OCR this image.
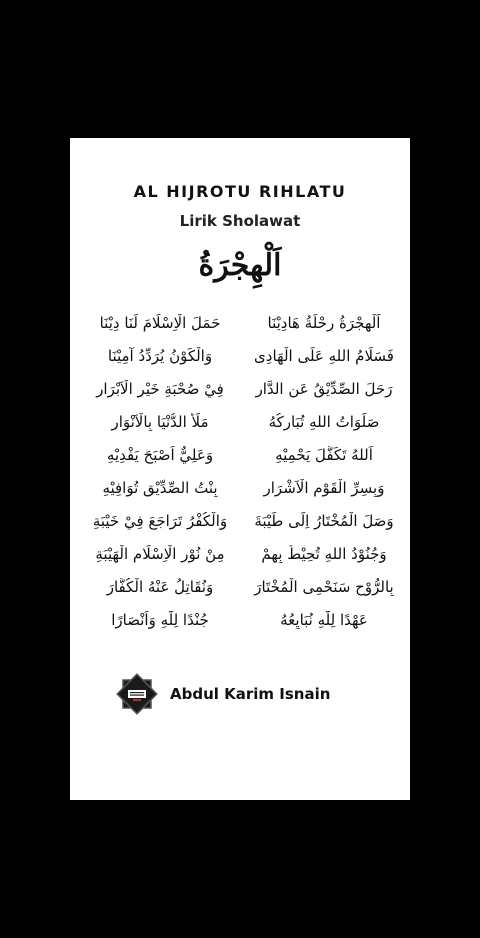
AL HIJROTU RIHLATU
Lirik Sholawat
اَلْهِجْرَةُ
اَلْهِجْرَةُ رِحْلَةُ هَادِيْنَا
حَمَلَ الْاِسْلَامَ لَنَا دِيْنَا
فَسَلَامُ اللهِ عَلَى الْهَادِى
وَالْكَوْنُ يُرَدِّدُ آمِيْنَا
رَحَلَ الصِّدِّيْقُ عَنِ الدَّارِ
فِيْ صُحْبَةِ خَيْرِ الْاَبْرَارِ
صَلَوَاتُ اللهِ تُبَارِكُهُ
مَلَأَ الدُّنْيَا بِالْاَنْوَارِ
اَللهُ تَكَفَّلَ يَحْمِيْهِ
وَعَلِيٌّ اَصْبَحَ يَفْدِيْهِ
وَبِسِرِّ الْقَوْمِ الْاَشْرَارِ
بِنْتُ الصِّدِّيْقِ تُوَافِيْهِ
وَصَلَ الْمُخْتَارُ اِلَى طَيْبَةَ
وَالْكُفْرُ تَرَاجَعَ فِيْ خَيْبَةِ
وَجُنُوْدُ اللهِ تُحِيْطُ بِهِمْ
مِنْ نُوْرِ الْاِسْلَامِ الْهَيْبَةِ
بِالرُّوْحِ سَنَحْمِى الْمُخْتَارَ
وَنُقَاتِلُ عَنْهُ الْكُفَّارَ
عَهْدًا لِلّٰهِ نُبَايِعُهُ
جُنْدًا لِلّٰهِ وَاَنْصَارًا
Abdul Karim Isnain
